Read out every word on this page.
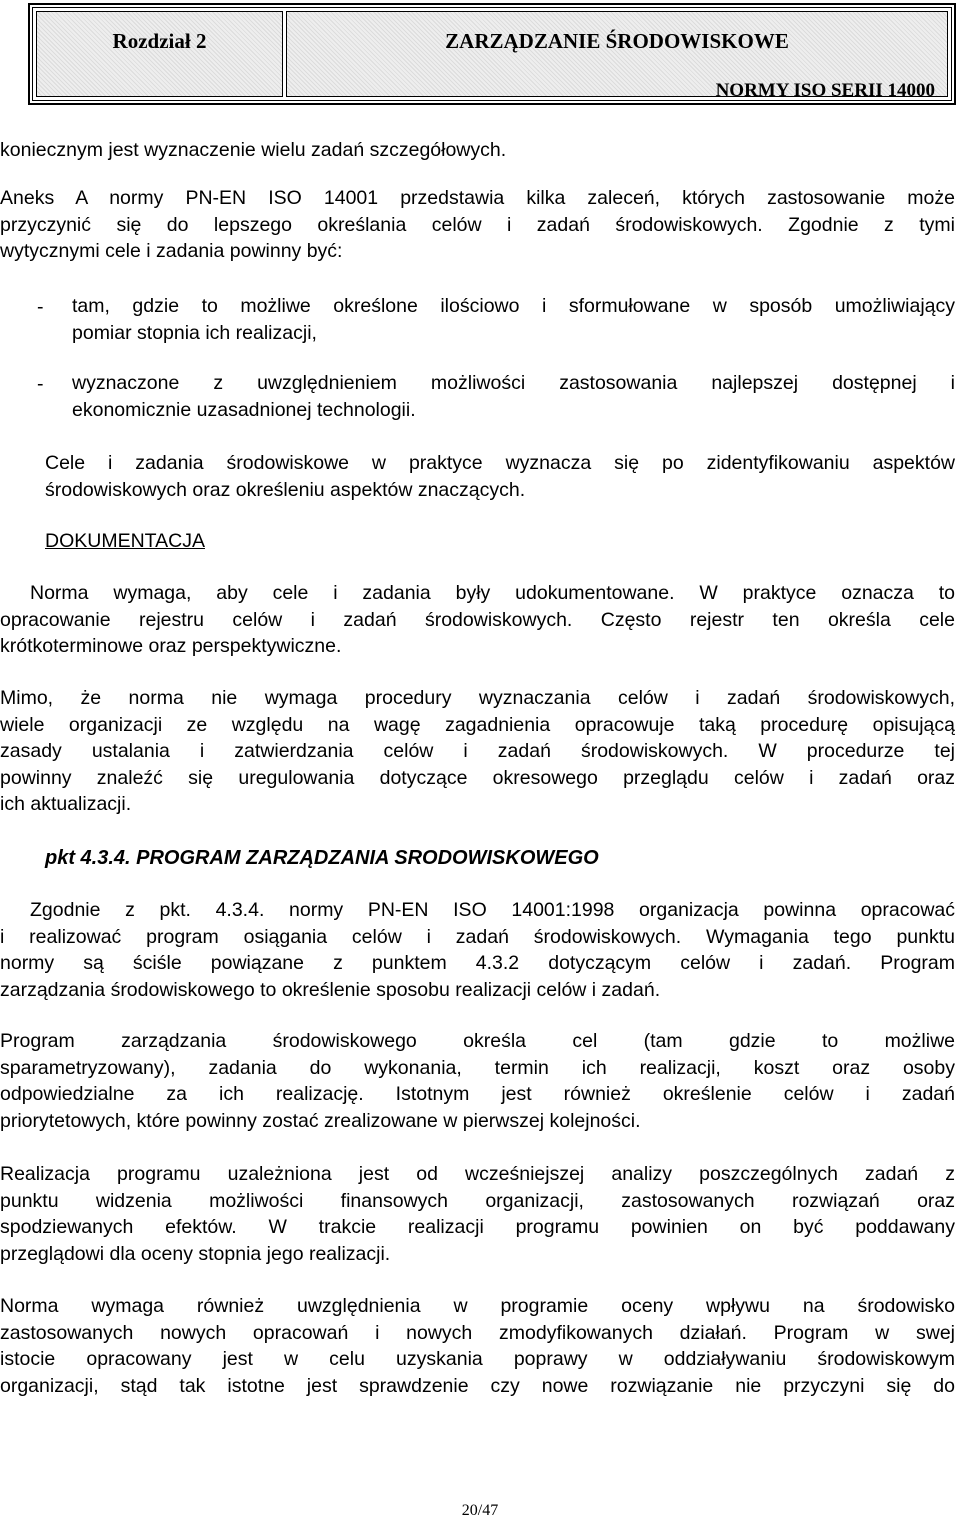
Rozdział 2	ZARZĄDZANIE ŚRODOWISKOWE
NORMY ISO SERII 14000
koniecznym jest wyznaczenie wielu zadań szczegółowych.
Aneks A normy PN-EN ISO 14001 przedstawia kilka zaleceń, których zastosowanie może
przyczynić się do lepszego określania celów i zadań środowiskowych. Zgodnie z tymi
wytycznymi cele i zadania powinny być:
- tam, gdzie to możliwe określone ilościowo i sformułowane w sposób umożliwiający
pomiar stopnia ich realizacji,
- wyznaczone z uwzględnieniem możliwości zastosowania najlepszej dostępnej i
ekonomicznie uzasadnionej technologii.
Cele i zadania środowiskowe w praktyce wyznacza się po zidentyfikowaniu aspektów
środowiskowych oraz określeniu aspektów znaczących.
DOKUMENTACJA
Norma wymaga, aby cele i zadania były udokumentowane. W praktyce oznacza to
opracowanie rejestru celów i zadań środowiskowych. Często rejestr ten określa cele
krótkoterminowe oraz perspektywiczne.
Mimo, że norma nie wymaga procedury wyznaczania celów i zadań środowiskowych,
wiele organizacji ze względu na wagę zagadnienia opracowuje taką procedurę opisującą
zasady ustalania i zatwierdzania celów i zadań środowiskowych. W procedurze tej
powinny znaleźć się uregulowania dotyczące okresowego przeglądu celów i zadań oraz
ich aktualizacji.
pkt 4.3.4. PROGRAM ZARZĄDZANIA SRODOWISKOWEGO
Zgodnie z pkt. 4.3.4. normy PN-EN ISO 14001:1998 organizacja powinna opracować
i realizować program osiągania celów i zadań środowiskowych. Wymagania tego punktu
normy są ściśle powiązane z punktem 4.3.2 dotyczącym celów i zadań. Program
zarządzania środowiskowego to określenie sposobu realizacji celów i zadań.
Program zarządzania środowiskowego określa cel (tam gdzie to możliwe
sparametryzowany), zadania do wykonania, termin ich realizacji, koszt oraz osoby
odpowiedzialne za ich realizację. Istotnym jest również określenie celów i zadań
priorytetowych, które powinny zostać zrealizowane w pierwszej kolejności.
Realizacja programu uzależniona jest od wcześniejszej analizy poszczególnych zadań z
punktu widzenia możliwości finansowych organizacji, zastosowanych rozwiązań oraz
spodziewanych efektów. W trakcie realizacji programu powinien on być poddawany
przeglądowi dla oceny stopnia jego realizacji.
Norma wymaga również uwzględnienia w programie oceny wpływu na środowisko
zastosowanych nowych opracowań i nowych zmodyfikowanych działań. Program w swej
istocie opracowany jest w celu uzyskania poprawy w oddziaływaniu środowiskowym
organizacji, stąd tak istotne jest sprawdzenie czy nowe rozwiązanie nie przyczyni się do
20/47
